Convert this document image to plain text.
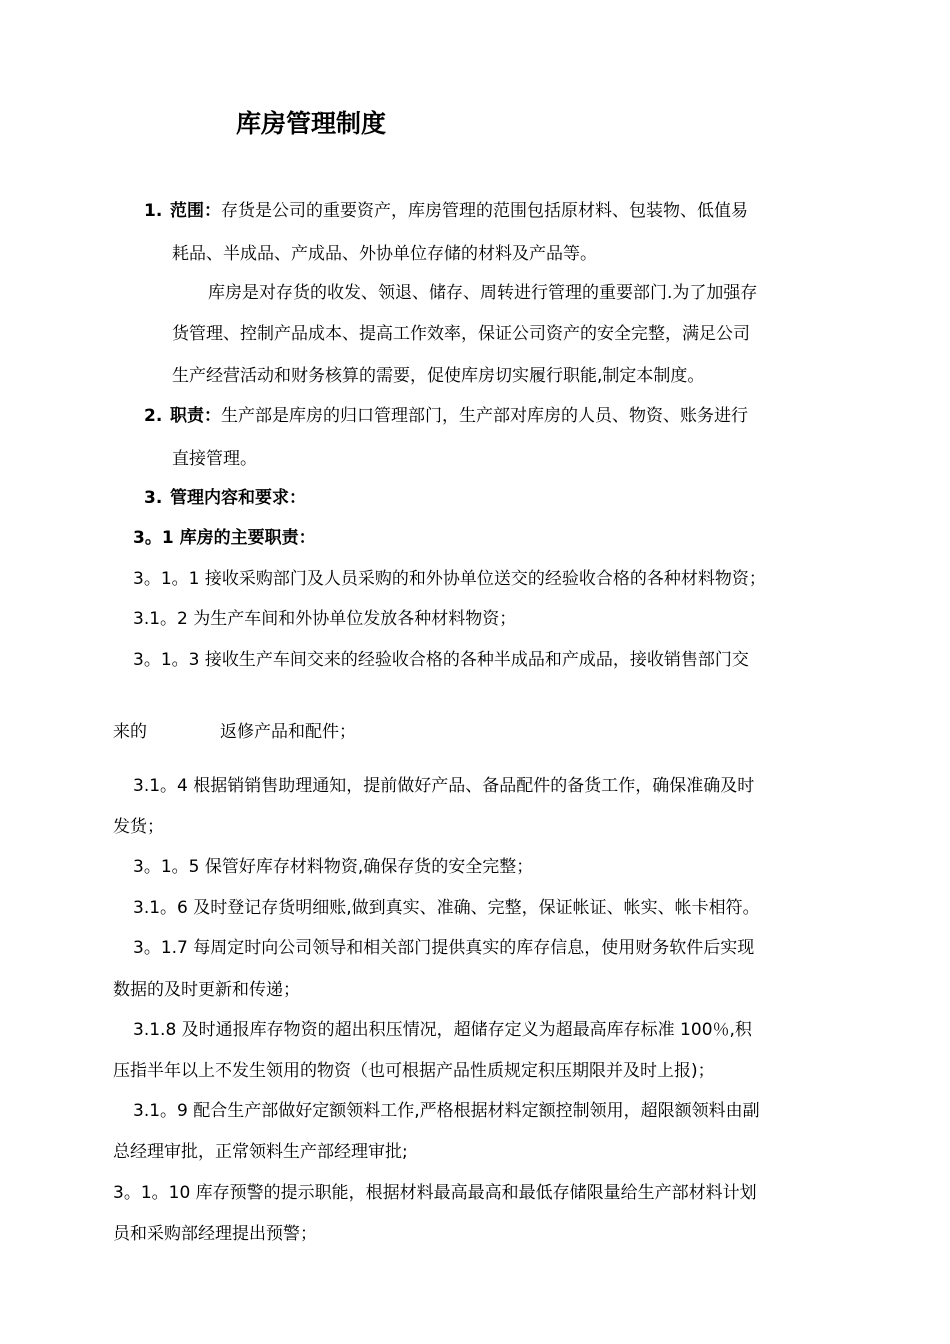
库房管理制度
1. 范围：存货是公司的重要资产，库房管理的范围包括原材料、包装物、低值易
耗品、半成品、产成品、外协单位存储的材料及产品等。
库房是对存货的收发、领退、储存、周转进行管理的重要部门.为了加强存
货管理、控制产品成本、提高工作效率，保证公司资产的安全完整，满足公司
生产经营活动和财务核算的需要，促使库房切实履行职能,制定本制度。
2. 职责：生产部是库房的归口管理部门，生产部对库房的人员、物资、账务进行
直接管理。
3. 管理内容和要求：
3。1 库房的主要职责：
3。1。1 接收采购部门及人员采购的和外协单位送交的经验收合格的各种材料物资；
3.1。2 为生产车间和外协单位发放各种材料物资；
3。1。3 接收生产车间交来的经验收合格的各种半成品和产成品，接收销售部门交
来的	返修产品和配件；
3.1。4 根据销销售助理通知，提前做好产品、备品配件的备货工作，确保准确及时
发货；
3。1。5 保管好库存材料物资,确保存货的安全完整；
3.1。6 及时登记存货明细账,做到真实、准确、完整，保证帐证、帐实、帐卡相符。
3。1.7 每周定时向公司领导和相关部门提供真实的库存信息，使用财务软件后实现
数据的及时更新和传递；
3.1.8 及时通报库存物资的超出积压情况，超储存定义为超最高库存标准 100％,积
压指半年以上不发生领用的物资（也可根据产品性质规定积压期限并及时上报)；
3.1。9 配合生产部做好定额领料工作,严格根据材料定额控制领用，超限额领料由副
总经理审批，正常领料生产部经理审批;
3。1。10 库存预警的提示职能，根据材料最高最高和最低存储限量给生产部材料计划
员和采购部经理提出预警；
